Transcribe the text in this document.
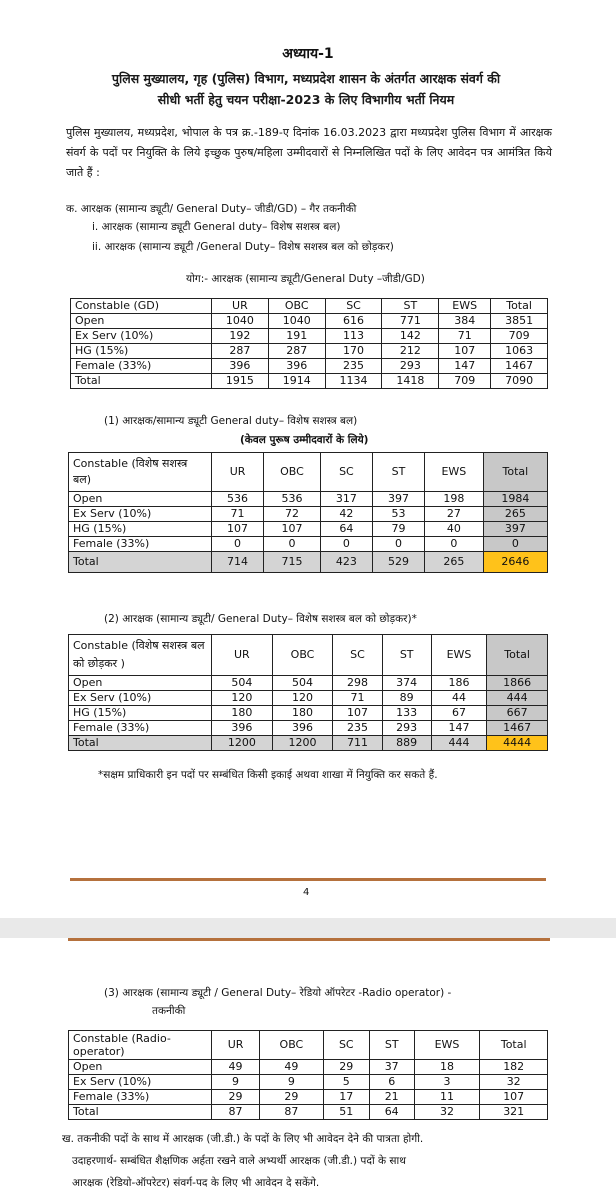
अध्याय-1
पुलिस मुख्यालय, गृह (पुलिस) विभाग, मध्यप्रदेश शासन के अंतर्गत आरक्षक संवर्ग की
सीधी भर्ती हेतु चयन परीक्षा-2023 के लिए विभागीय भर्ती नियम
पुलिस मुख्यालय, मध्यप्रदेश, भोपाल के पत्र क्र.-189-ए दिनांक 16.03.2023 द्वारा मध्यप्रदेश पुलिस विभाग में आरक्षक संवर्ग के पदों पर नियुक्ति के लिये इच्छुक पुरुष/महिला उम्मीदवारों से निम्नलिखित पदों के लिए आवेदन पत्र आमंत्रित किये जाते हैं :
क. आरक्षक (सामान्य ड्यूटी/ General Duty– जीडी/GD) – गैर तकनीकी
i. आरक्षक (सामान्य ड्यूटी General duty– विशेष सशस्त्र बल)
ii. आरक्षक (सामान्य ड्यूटी /General Duty– विशेष सशस्त्र बल को छोड़कर)
योग:- आरक्षक (सामान्य ड्यूटी/General Duty –जीडी/GD)
Constable (GD)	UR	OBC	SC	ST	EWS	Total
Open	1040	1040	616	771	384	3851
Ex Serv (10%)	192	191	113	142	71	709
HG (15%)	287	287	170	212	107	1063
Female (33%)	396	396	235	293	147	1467
Total	1915	1914	1134	1418	709	7090
(1) आरक्षक/सामान्य ड्यूटी General duty– विशेष सशस्त्र बल)
(केवल पुरूष उम्मीदवारों के लिये)
Constable (विशेष सशस्त्र बल)	UR	OBC	SC	ST	EWS	Total
Open	536	536	317	397	198	1984
Ex Serv (10%)	71	72	42	53	27	265
HG (15%)	107	107	64	79	40	397
Female (33%)	0	0	0	0	0	0
Total	714	715	423	529	265	2646
(2) आरक्षक (सामान्य ड्यूटी/ General Duty– विशेष सशस्त्र बल को छोड़कर)*
Constable (विशेष सशस्त्र बल को छोड़कर )	UR	OBC	SC	ST	EWS	Total
Open	504	504	298	374	186	1866
Ex Serv (10%)	120	120	71	89	44	444
HG (15%)	180	180	107	133	67	667
Female (33%)	396	396	235	293	147	1467
Total	1200	1200	711	889	444	4444
*सक्षम प्राधिकारी इन पदों पर सम्बंधित किसी इकाई अथवा शाखा में नियुक्ति कर सकते हैं.
4
(3) आरक्षक (सामान्य ड्यूटी / General Duty– रेडियो ऑपरेटर -Radio operator) -
तकनीकी
Constable (Radio-operator)	UR	OBC	SC	ST	EWS	Total
Open	49	49	29	37	18	182
Ex Serv (10%)	9	9	5	6	3	32
Female (33%)	29	29	17	21	11	107
Total	87	87	51	64	32	321
ख. तकनीकी पदों के साथ में आरक्षक (जी.डी.) के पदों के लिए भी आवेदन देने की पात्रता होगी.
उदाहरणार्थ- सम्बंधित शैक्षणिक अर्हता रखने वाले अभ्यर्थी आरक्षक (जी.डी.) पदों के साथ
आरक्षक (रेडियो-ऑपरेटर) संवर्ग-पद के लिए भी आवेदन दे सकेंगे.
